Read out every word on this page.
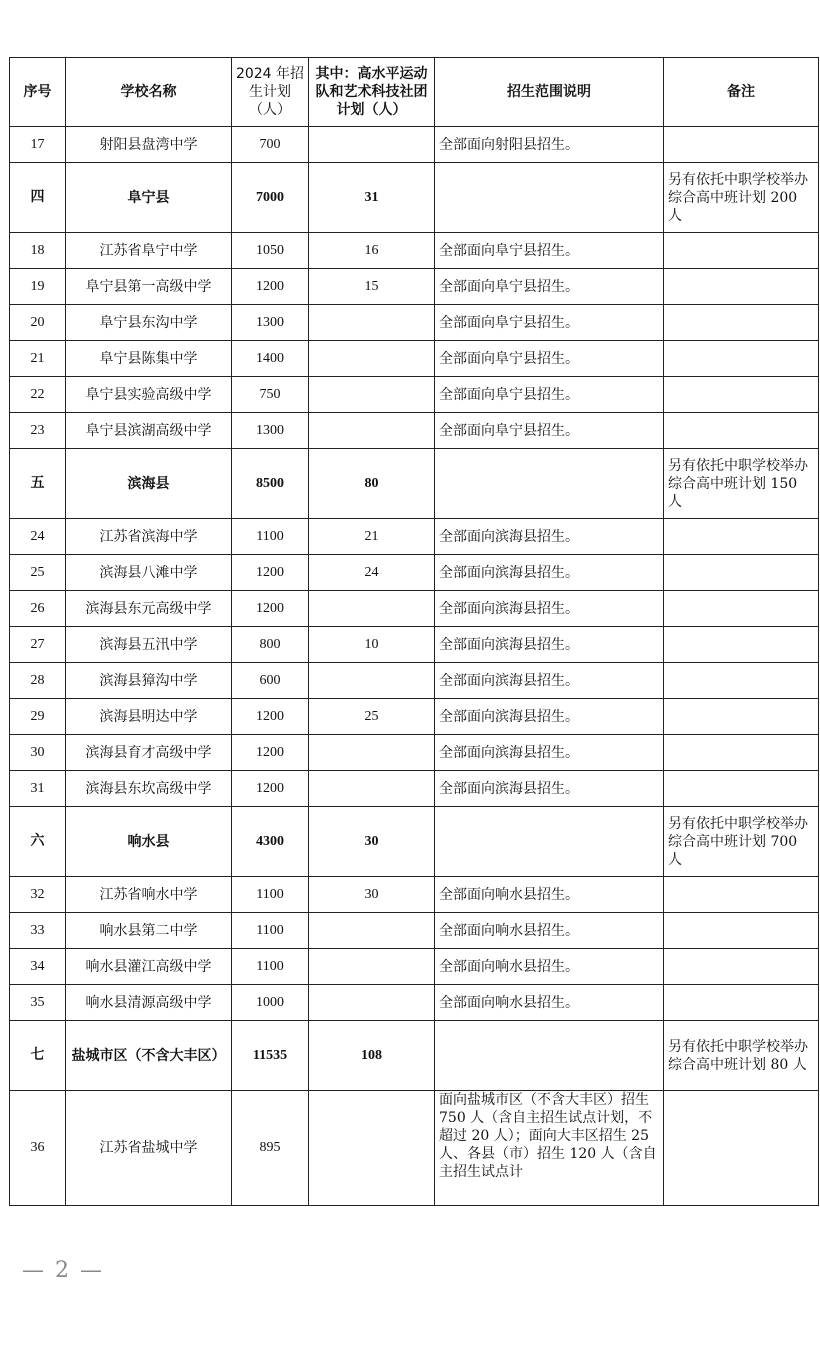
序号	学校名称	2024 年招生计划（人）	其中：高水平运动队和艺术科技社团计划（人）	招生范围说明	备注
17	射阳县盘湾中学	700		全部面向射阳县招生。	
四	阜宁县	7000	31		另有依托中职学校举办综合高中班计划 200 人
18	江苏省阜宁中学	1050	16	全部面向阜宁县招生。	
19	阜宁县第一高级中学	1200	15	全部面向阜宁县招生。	
20	阜宁县东沟中学	1300		全部面向阜宁县招生。	
21	阜宁县陈集中学	1400		全部面向阜宁县招生。	
22	阜宁县实验高级中学	750		全部面向阜宁县招生。	
23	阜宁县滨湖高级中学	1300		全部面向阜宁县招生。	
五	滨海县	8500	80		另有依托中职学校举办综合高中班计划 150 人
24	江苏省滨海中学	1100	21	全部面向滨海县招生。	
25	滨海县八滩中学	1200	24	全部面向滨海县招生。	
26	滨海县东元高级中学	1200		全部面向滨海县招生。	
27	滨海县五汛中学	800	10	全部面向滨海县招生。	
28	滨海县獐沟中学	600		全部面向滨海县招生。	
29	滨海县明达中学	1200	25	全部面向滨海县招生。	
30	滨海县育才高级中学	1200		全部面向滨海县招生。	
31	滨海县东坎高级中学	1200		全部面向滨海县招生。	
六	响水县	4300	30		另有依托中职学校举办综合高中班计划 700 人
32	江苏省响水中学	1100	30	全部面向响水县招生。	
33	响水县第二中学	1100		全部面向响水县招生。	
34	响水县灌江高级中学	1100		全部面向响水县招生。	
35	响水县清源高级中学	1000		全部面向响水县招生。	
七	盐城市区（不含大丰区）	11535	108		另有依托中职学校举办综合高中班计划 80 人
36	江苏省盐城中学	895		面向盐城市区（不含大丰区）招生 750 人（含自主招生试点计划，不超过 20 人）；面向大丰区招生 25 人、各县（市）招生 120 人（含自主招生试点计	
— 2 —
